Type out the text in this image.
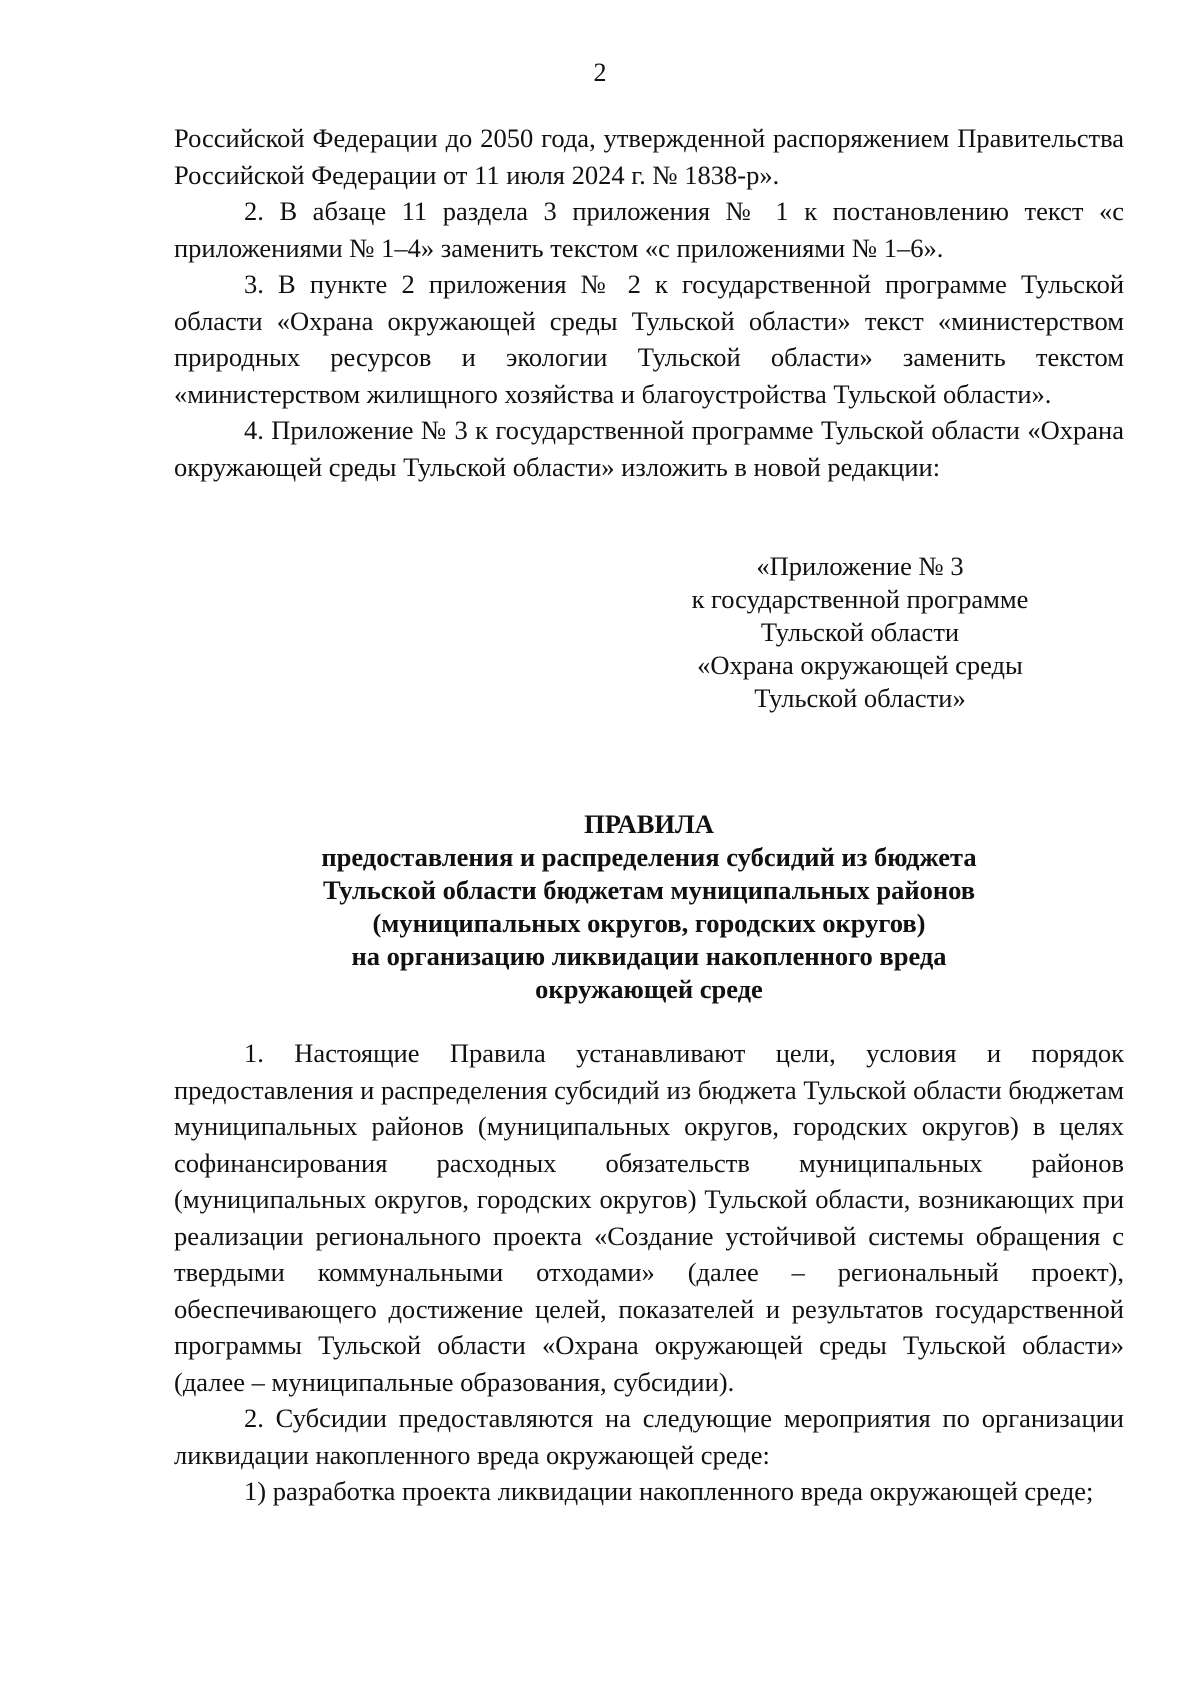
2

Российской Федерации до 2050 года, утвержденной распоряжением Правительства Российской Федерации от 11 июля 2024 г. № 1838-р».

2. В абзаце 11 раздела 3 приложения № 1 к постановлению текст «с приложениями № 1–4» заменить текстом «с приложениями № 1–6».

3. В пункте 2 приложения № 2 к государственной программе Тульской области «Охрана окружающей среды Тульской области» текст «министерством природных ресурсов и экологии Тульской области» заменить текстом «министерством жилищного хозяйства и благоустройства Тульской области».

4. Приложение № 3 к государственной программе Тульской области «Охрана окружающей среды Тульской области» изложить в новой редакции:

«Приложение № 3
к государственной программе
Тульской области
«Охрана окружающей среды
Тульской области»
ПРАВИЛА
предоставления и распределения субсидий из бюджета
Тульской области бюджетам муниципальных районов
(муниципальных округов, городских округов)
на организацию ликвидации накопленного вреда
окружающей среде

1. Настоящие Правила устанавливают цели, условия и порядок предоставления и распределения субсидий из бюджета Тульской области бюджетам муниципальных районов (муниципальных округов, городских округов) в целях софинансирования расходных обязательств муниципальных районов (муниципальных округов, городских округов) Тульской области, возникающих при реализации регионального проекта «Создание устойчивой системы обращения с твердыми коммунальными отходами» (далее – региональный проект), обеспечивающего достижение целей, показателей и результатов государственной программы Тульской области «Охрана окружающей среды Тульской области» (далее – муниципальные образования, субсидии).

2. Субсидии предоставляются на следующие мероприятия по организации ликвидации накопленного вреда окружающей среде:

1) разработка проекта ликвидации накопленного вреда окружающей среде;
